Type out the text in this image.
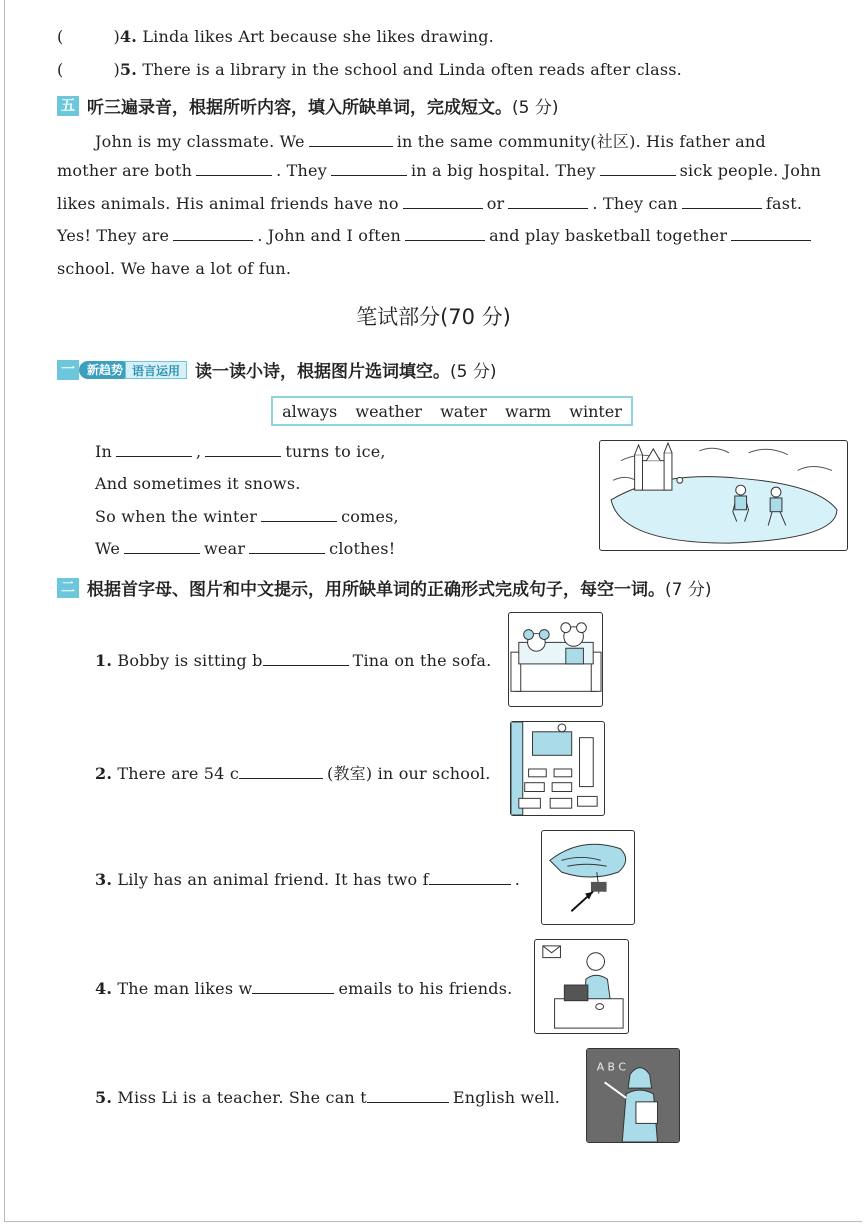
(	)4. Linda likes Art because she likes drawing.
(	)5. There is a library in the school and Linda often reads after class.
五 听三遍录音，根据所听内容，填入所缺单词，完成短文。 (5 分)
John is my classmate. We	in the same community(社区). His father and
mother are both	. They	in a big hospital. They	sick people. John
likes animals. His animal friends have no	or	. They can	fast.
Yes! They are	. John and I often	and play basketball together
school. We have a lot of fun.
笔试部分(70 分)
一	新趋势 语言运用 读一读小诗，根据图片选词填空。 (5 分)
always weather water warm winter
In	,	turns to ice,
And sometimes it snows.
So when the winter	comes,
We	wear	clothes!
二 根据首字母、图片和中文提示，用所缺单词的正确形式完成句子，每空一词。 (7 分)
1. Bobby is sitting b	Tina on the sofa.
2. There are 54 c	(教室) in our school.
3. Lily has an animal friend. It has two f	.
4. The man likes w	emails to his friends.
5. Miss Li is a teacher. She can t	English well.
A B C
